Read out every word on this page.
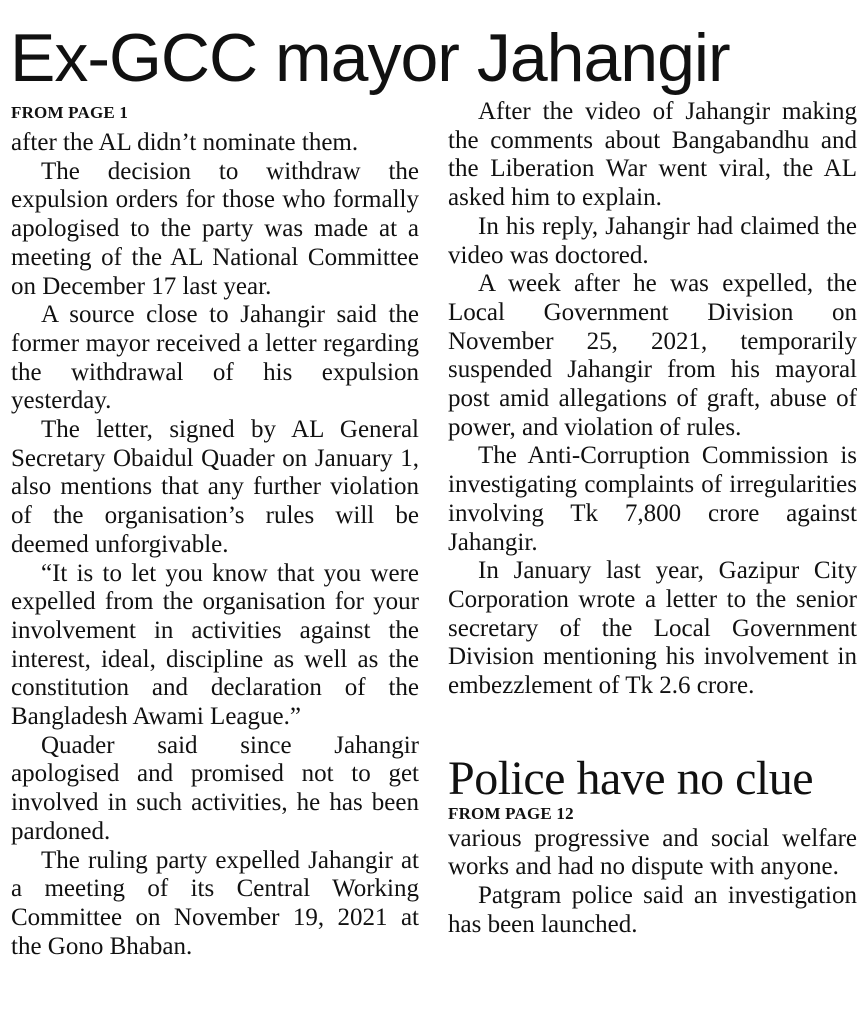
Ex-GCC mayor Jahangir
FROM PAGE 1

after the AL didn’t nominate them.

The decision to withdraw the expulsion orders for those who formally apologised to the party was made at a meeting of the AL National Committee on December 17 last year.

A source close to Jahangir said the former mayor received a letter regarding the withdrawal of his expulsion yesterday.

The letter, signed by AL General Secretary Obaidul Quader on January 1, also mentions that any further violation of the organisation’s rules will be deemed unforgivable.

“It is to let you know that you were expelled from the organisation for your involvement in activities against the interest, ideal, discipline as well as the constitution and declaration of the Bangladesh Awami League.”

Quader said since Jahangir apologised and promised not to get involved in such activities, he has been pardoned.

The ruling party expelled Jahangir at a meeting of its Central Working Committee on November 19, 2021 at the Gono Bhaban.

After the video of Jahangir making the comments about Bangabandhu and the Liberation War went viral, the AL asked him to explain.

In his reply, Jahangir had claimed the video was doctored.

A week after he was expelled, the Local Government Division on November 25, 2021, temporarily suspended Jahangir from his mayoral post amid allegations of graft, abuse of power, and violation of rules.

The Anti-Corruption Commission is investigating complaints of irregularities involving Tk 7,800 crore against Jahangir.

In January last year, Gazipur City Corporation wrote a letter to the senior secretary of the Local Government Division mentioning his involvement in embezzlement of Tk 2.6 crore.

Police have no clue
FROM PAGE 12

various progressive and social welfare works and had no dispute with anyone.

Patgram police said an investigation has been launched.
